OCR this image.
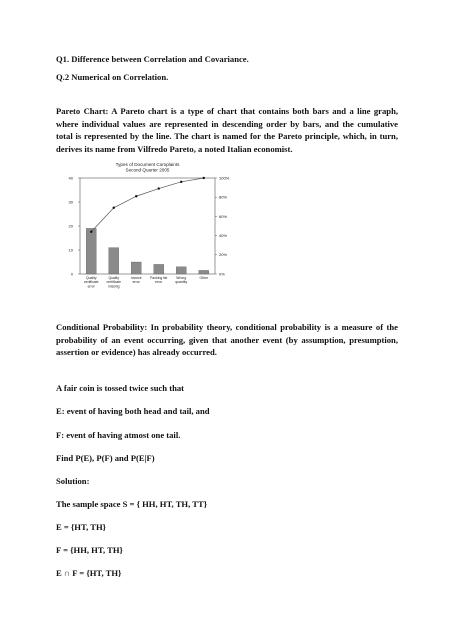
Q1. Difference between Correlation and Covariance.
Q.2 Numerical on Correlation.
Pareto Chart: A Pareto chart is a type of chart that contains both bars and a line graph, where individual values are represented in descending order by bars, and the cumulative total is represented by the line. The chart is named for the Pareto principle, which, in turn, derives its name from Vilfredo Pareto, a noted Italian economist.
Types of Document Complaints
Second Quarter 2005
0
10
20
30
40
0%
20%
40%
60%
80%
100%
Quality
certificate
error
Quality
certificate
missing
Invoice
error
Packing list
error
Wrong
quantity
Other
Conditional Probability: In probability theory, conditional probability is a measure of the probability of an event occurring, given that another event (by assumption, presumption, assertion or evidence) has already occurred.
A fair coin is tossed twice such that
E: event of having both head and tail, and
F: event of having atmost one tail.
Find P(E), P(F) and P(E|F)
Solution:
The sample space S = { HH, HT, TH, TT}
E = {HT, TH}
F = {HH, HT, TH}
E ∩ F = {HT, TH}
